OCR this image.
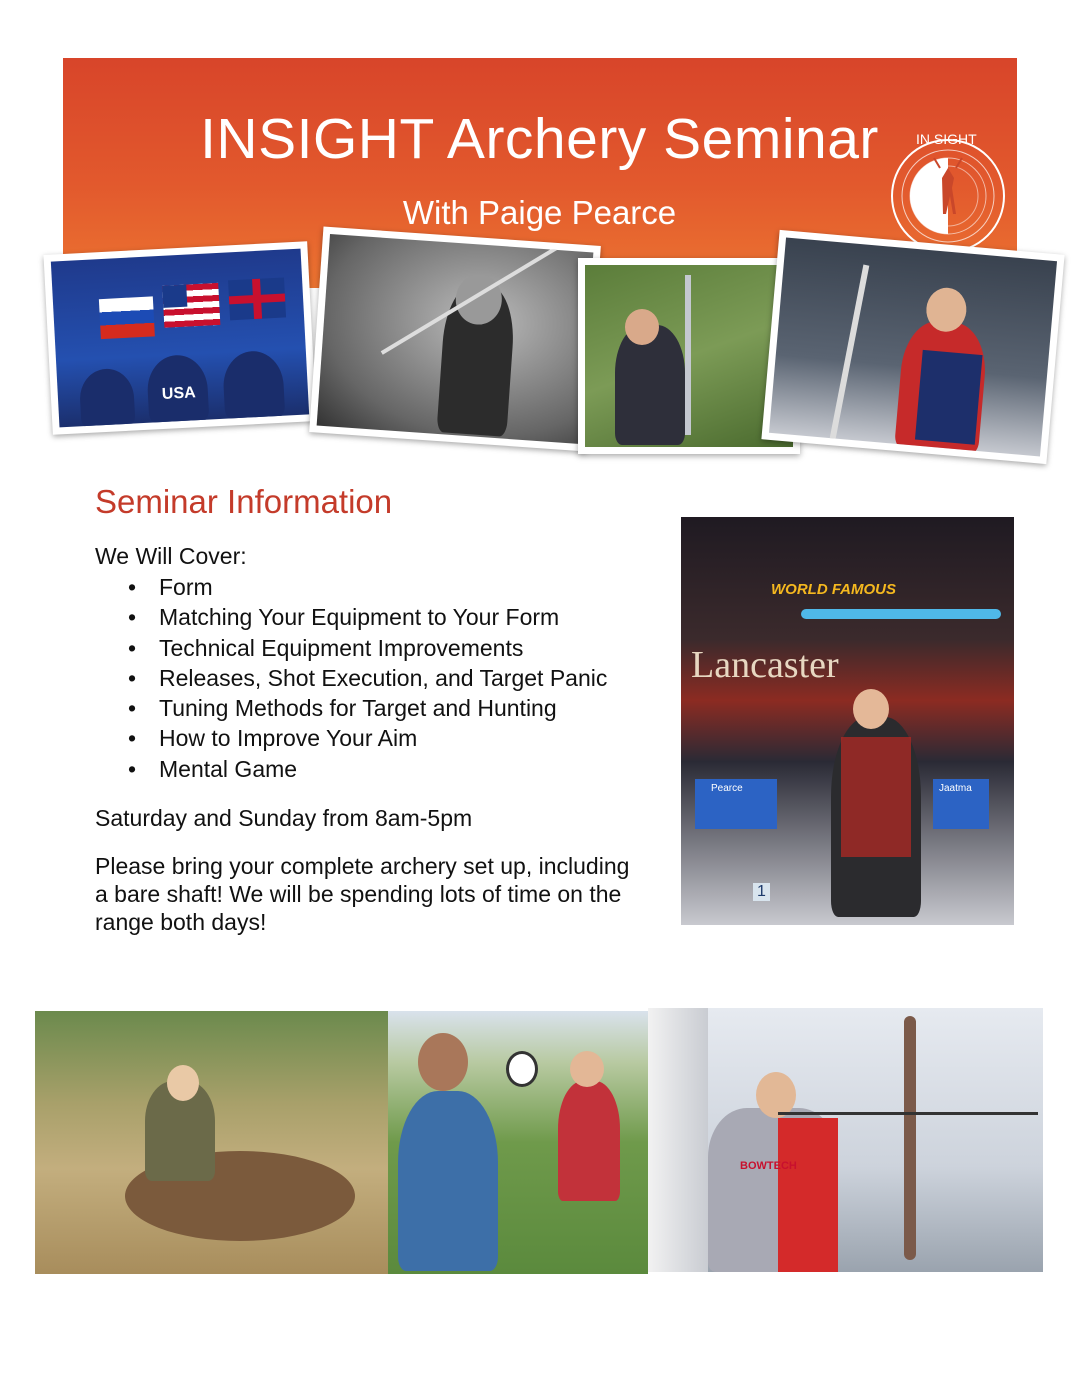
INSIGHT Archery Seminar
With Paige Pearce
IN SIGHT
USA
Seminar Information
We Will Cover:
• Form
• Matching Your Equipment to Your Form
• Technical Equipment Improvements
• Releases, Shot Execution, and Target Panic
• Tuning Methods for Target and Hunting
• How to Improve Your Aim
• Mental Game
Saturday and Sunday from 8am-5pm
Please bring your complete archery set up, including a bare shaft! We will be spending lots of time on the range both days!
WORLD FAMOUS
Lancaster
Pearce	Jaatma
1
BOWTECH
